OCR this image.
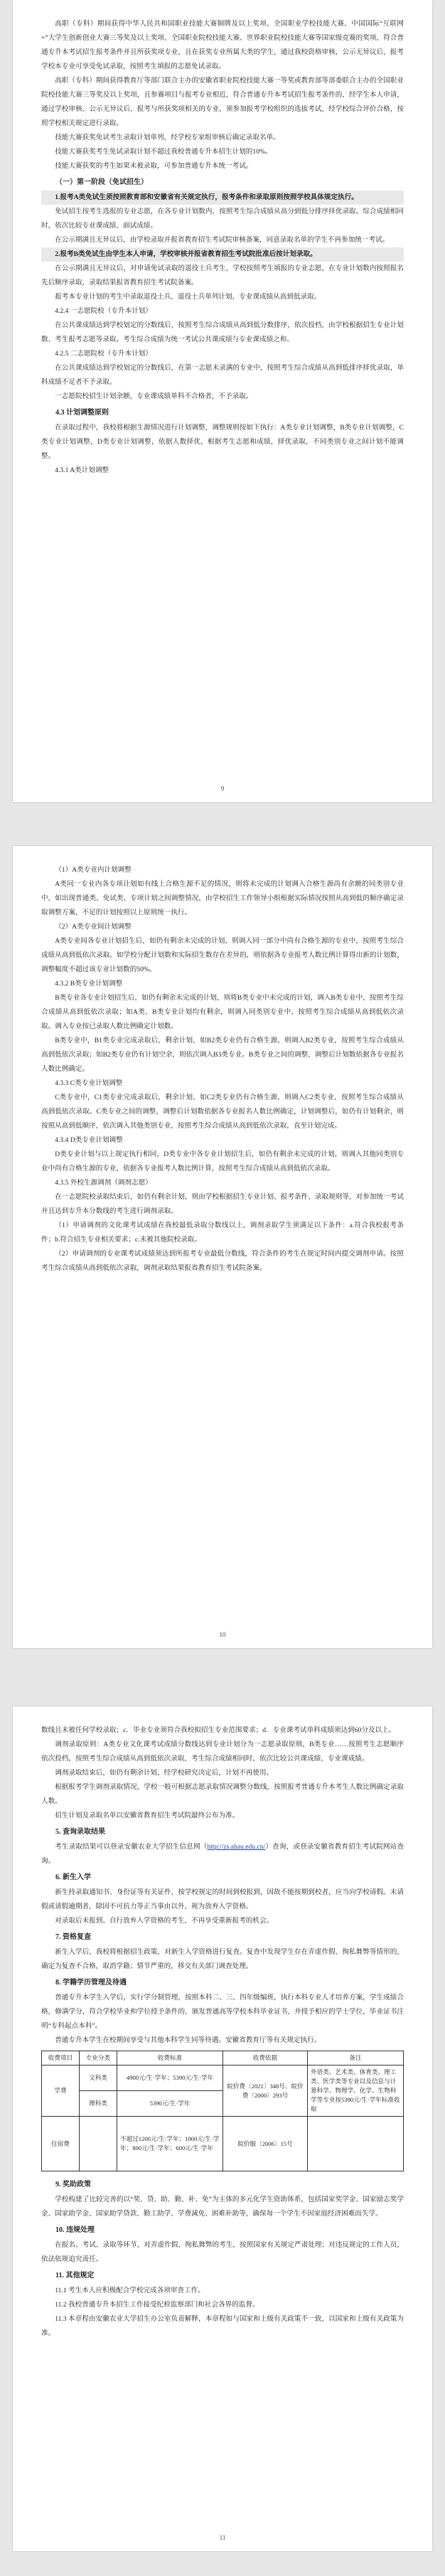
高职（专科）期间获得中华人民共和国职业技能大赛铜牌及以上奖项、全国职业学校技能大赛、中国国际“互联网+”大学生创新创业大赛三等奖及以上奖项、全国职业院校技能大赛、世界职业院校技能大赛等国家级竞赛的奖项，符合普通专升本考试招生报考条件并且所获奖项专业，且在获奖专业所属大类的学生，通过我校资格审核，公示无异议后，报考学校本专业可享受免试录取，按照考生填报的志愿免试录取。

高职（专科）期间获得教育厅等部门联合主办的安徽省职业院校技能大赛一等奖或教育部等部委联合主办的全国职业院校技能大赛三等奖及以上奖项，且参赛项目与报考专业相近，符合普通专升本考试招生报考条件的，经学生本人申请，通过学校审核、公示无异议后，报考与所获奖项相关的专业，须参加报考学校组织的选拔考试，经学校综合评价合格，按照学校相关规定进行录取。

技能大赛获奖免试考生录取计划单列，经学校专家组审核后确定录取名单。

技能大赛获奖考生免试录取计划不超过我校普通专升本招生计划的10%。

技能大赛获奖的考生如果未被录取，可参加普通专升本统一考试。

（一）第一阶段（免试招生）

1.报考A类免试生须按照教育部和安徽省有关规定执行，报考条件和录取原则按照学校具体规定执行。

免试招生按考生选报的专业志愿，在各专业计划数内，按照考生综合成绩从高分到低分排序择优录取。综合成绩相同时，依次比较专业课成绩、面试成绩。

在公示期满且无异议后，由学校录取并报省教育招生考试院审核备案，同意录取名单的学生不再参加统一考试。

2.报考B类免试生由学生本人申请，学校审核并报省教育招生考试院批准后按计划录取。

在公示期满且无异议后，对申请免试录取的退役士兵考生，学校按照考生填报的专业志愿，在专业计划数内按照报名先后顺序录取，录取结果报省教育招生考试院备案。

报考本专业计划的考生中录取退役士兵，退役士兵单列计划，专业课成绩从高到低录取。

4.2.4 一志愿院校（专升本计划）

在公共课成绩达到学校划定的分数线后，按照考生综合成绩从高到低分数排序，依次投档，由学校根据招生专业计划数、考生报考志愿等录取。考生综合成绩为统一考试公共课成绩与专业课成绩之和。

4.2.5 二志愿院校（专升本计划）

在公共课成绩达到学校划定的分数线后，在第一志愿未录满的专业中，按照考生综合成绩从高到低排序择优录取，单科成绩不足者不予录取。

一志愿院校招生计划余额，专业课成绩单科不合格者，不予录取。

4.3 计划调整原则

在录取过程中，我校将根据生源情况进行计划调整，调整规则按如下执行：A类专业计划调整，B类专业计划调整，C类专业计划调整，D类专业计划调整，依据人数择优，根据考生志愿和成绩，择优录取，不同类别专业之间计划不能调整。

4.3.1 A类计划调整

9

（1）A类专业内计划调整

A类同一专业内各专项计划如有线上合格生源不足的情况，则将未完成的计划调入合格生源尚有余额的同类别专业中，如出现普通类、免试类、专项计划之间调整情况，由学校招生工作领导小组根据实际情况按照从高到低的顺序确定录取调整方案，不足的计划按照以上原则统一执行。

（2）A类专业间计划调整

A类专业间各专业计划招生后，如仍有剩余未完成的计划，则调入同一部分中尚有合格生源的专业中，按照考生综合成绩从高到低依次录取。如学校分配计划数和实际招生数存在差异的，则依据各专业报考人数比例计算得出新的计划数，调整幅度不超过该专业计划数的50%。

4.3.2 B类专业计划调整

B类专业各专业计划招生后，如仍有剩余未完成的计划，则将B类专业中未完成的计划，调入B类专业中，按照考生综合成绩从高到低依次录取；如A类、B类专业计划均有剩余，则调入同类别专业中，按照考生综合成绩从高到低依次录取。调入专业按已录取人数比例确定计划数。

B类专业中，B1类专业完成录取后，剩余计划，如B2类专业仍有合格生源，则调入B2类专业，按照考生综合成绩从高到低依次录取；如B2类专业仍有计划空余，则依次调入B3类专业。B类专业之间的调整，调整后计划数依据各专业报名人数比例确定。

4.3.3 C类专业计划调整

C类专业中，C1类专业完成录取后，剩余计划，如C2类专业仍有合格生源，则调入C2类专业，按照考生综合成绩从高到低依次录取。C类专业之间的调整，调整后计划数依据各专业报名人数比例确定，计划调整后，如仍有计划剩余，则按照从高到低顺序，依次调入其他类别专业，按照考生综合成绩从高到低依次录取，直至计划完成。

4.3.4 D类专业计划调整

D类专业计划与以上规定执行相同，D类专业中各专业计划招生后，如仍有剩余未完成的计划，则调入其他同类别专业中尚有合格生源的专业，依据各专业报考人数比例计算，按照考生综合成绩从高到低依次录取。

4.3.5 外校生源调剂（调剂志愿）

在一志愿院校录取结束后，如仍有剩余计划，则由学校根据招生专业计划、报考条件、录取规则等，对参加统一考试并且达到专升本分数线的考生进行调剂录取。

（1）申请调剂的文化课考试成绩在我校最低录取分数线以上，调剂录取学生须满足以下条件：a.符合我校报考条件；b.符合招生专业相关要求；c.未被其他院校录取。

（2）申请调剂的专业课考试成绩须达到所报考专业最低分数线，符合条件的考生在规定时间内提交调剂申请。按照考生综合成绩从高到低依次录取，调剂录取结果报省教育招生考试院备案。

10

数线且未被任何学校录取；c．毕业专业须符合我校拟招生专业范围要求；d．专业课考试单科成绩须达到60分及以上。

调剂录取原则：A类专业文化课考试成绩分数线达到专业计划分为一志愿录取原则，B类专业……按照考生志愿顺序依次投档，按照考生综合成绩从高到低依次录取，考生综合成绩相同时，依次比较公共课成绩、专业课成绩。

调剂录取结束后，如仍有剩余计划，经学校研究决定后，计划不再使用。

根据报考学生调剂录取情况，学校一般可根据志愿录取情况调整分数线，按照报考普通专升本考生人数比例确定录取人数。

招生计划及录取名单以安徽省教育招生考试院最终公布为准。

5. 查询录取结果

考生录取结果可以登录安徽农业大学招生信息网（http://zs.ahau.edu.cn/）查询，或登录安徽省教育招生考试院网站查询。

6. 新生入学

新生持录取通知书、身份证等有关证件，按学校规定的时间到校报到，因故不能按期到校者，应当向学校请假。未请假或请假逾期者，除因不可抗力等正当事由以外，视为放弃入学资格。

对录取后未报到、自行放弃入学资格的考生，不再享受重新报考的机会。

7. 资格复查

新生入学后，我校将根据招生政策，对新生入学资格进行复查。复查中发现学生存在弄虚作假、徇私舞弊等情形的，确定为复查不合格，取消学籍；情节严重的，移交有关部门调查处理。

8. 学籍学历管理及待遇

普通专升本学生入学后，实行学分制管理，按照本科二、三、四年级编班，执行本科专业人才培养方案，学生成绩合格，修满学分，符合学校毕业和学位授予条件的，颁发普通高等学校本科毕业证书，并授予相应的学士学位，毕业证书注明“专科起点本科”。

普通专升本学生在校期间享受与其他本科学生同等待遇。安徽省教育厅等有关规定执行。

收费项目	专业分类	收费标准	收费依据	备注
学费	文科类	4900元/生·学年；5390元/生·学年	皖价费〔2021〕348号、皖价费〔2000〕293号	外语类、艺术类、体育类、理工类、医学类等专业以及信息与计算科学、物理学、化学、生物科学等专业按5390元/生·学年标准收取
	理科类	5390元/生·学年		
住宿费		不超过1200元/生·学年；1000元/生·学年；800元/生·学年；600元/生·学年	皖价服〔2006〕15号	

9. 奖助政策

学校构建了比较完善的以“奖、贷、助、勤、补、免”为主体的多元化学生资助体系，包括国家奖学金、国家励志奖学金、国家助学金、国家助学贷款、勤工助学、学费减免、困难补助等，确保每一个学生不因家庭经济困难而失学。

10. 违规处理

在报名、考试、录取等环节，对弄虚作假、徇私舞弊的考生，按照国家有关规定严肃处理；对违反规定的工作人员，依法依规追究责任。

11. 其他规定

11.1 考生本人应积极配合学校完成各项审查工作。

11.2 我校普通专升本招生工作接受纪检监察部门和社会各界的监督。

11.3 本章程由安徽农业大学招生办公室负责解释，本章程如与国家和上级有关政策不一致，以国家和上级有关政策为准。

11
